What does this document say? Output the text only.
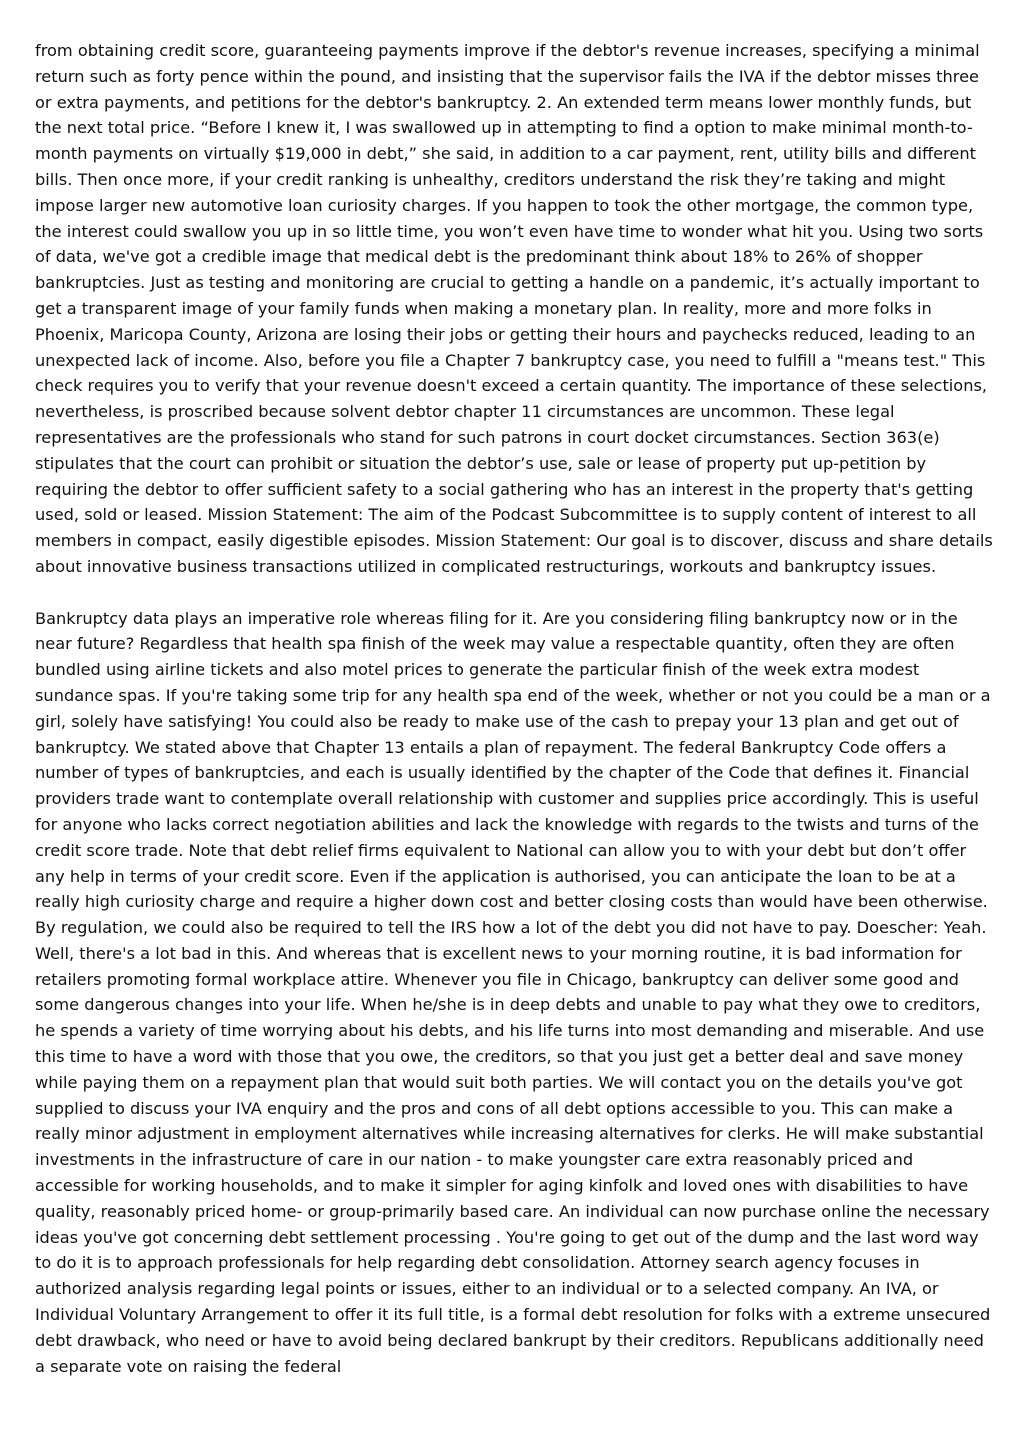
from obtaining credit score, guaranteeing payments improve if the debtor's revenue increases, specifying a minimal return such as forty pence within the pound, and insisting that the supervisor fails the IVA if the debtor misses three or extra payments, and petitions for the debtor's bankruptcy. 2. An extended term means lower monthly funds, but the next total price. “Before I knew it, I was swallowed up in attempting to find a option to make minimal month-to-month payments on virtually $19,000 in debt,” she said, in addition to a car payment, rent, utility bills and different bills. Then once more, if your credit ranking is unhealthy, creditors understand the risk they’re taking and might impose larger new automotive loan curiosity charges. If you happen to took the other mortgage, the common type, the interest could swallow you up in so little time, you won’t even have time to wonder what hit you. Using two sorts of data, we've got a credible image that medical debt is the predominant think about 18% to 26% of shopper bankruptcies. Just as testing and monitoring are crucial to getting a handle on a pandemic, it’s actually important to get a transparent image of your family funds when making a monetary plan. In reality, more and more folks in Phoenix, Maricopa County, Arizona are losing their jobs or getting their hours and paychecks reduced, leading to an unexpected lack of income. Also, before you file a Chapter 7 bankruptcy case, you need to fulfill a "means test." This check requires you to verify that your revenue doesn't exceed a certain quantity. The importance of these selections, nevertheless, is proscribed because solvent debtor chapter 11 circumstances are uncommon. These legal representatives are the professionals who stand for such patrons in court docket circumstances. Section 363(e) stipulates that the court can prohibit or situation the debtor’s use, sale or lease of property put up-petition by requiring the debtor to offer sufficient safety to a social gathering who has an interest in the property that's getting used, sold or leased. Mission Statement: The aim of the Podcast Subcommittee is to supply content of interest to all members in compact, easily digestible episodes. Mission Statement: Our goal is to discover, discuss and share details about innovative business transactions utilized in complicated restructurings, workouts and bankruptcy issues.

Bankruptcy data plays an imperative role whereas filing for it. Are you considering filing bankruptcy now or in the near future? Regardless that health spa finish of the week may value a respectable quantity, often they are often bundled using airline tickets and also motel prices to generate the particular finish of the week extra modest sundance spas. If you're taking some trip for any health spa end of the week, whether or not you could be a man or a girl, solely have satisfying! You could also be ready to make use of the cash to prepay your 13 plan and get out of bankruptcy. We stated above that Chapter 13 entails a plan of repayment. The federal Bankruptcy Code offers a number of types of bankruptcies, and each is usually identified by the chapter of the Code that defines it. Financial providers trade want to contemplate overall relationship with customer and supplies price accordingly. This is useful for anyone who lacks correct negotiation abilities and lack the knowledge with regards to the twists and turns of the credit score trade. Note that debt relief firms equivalent to National can allow you to with your debt but don’t offer any help in terms of your credit score. Even if the application is authorised, you can anticipate the loan to be at a really high curiosity charge and require a higher down cost and better closing costs than would have been otherwise. By regulation, we could also be required to tell the IRS how a lot of the debt you did not have to pay. Doescher: Yeah. Well, there's a lot bad in this. And whereas that is excellent news to your morning routine, it is bad information for retailers promoting formal workplace attire. Whenever you file in Chicago, bankruptcy can deliver some good and some dangerous changes into your life. When he/she is in deep debts and unable to pay what they owe to creditors, he spends a variety of time worrying about his debts, and his life turns into most demanding and miserable. And use this time to have a word with those that you owe, the creditors, so that you just get a better deal and save money while paying them on a repayment plan that would suit both parties. We will contact you on the details you've got supplied to discuss your IVA enquiry and the pros and cons of all debt options accessible to you. This can make a really minor adjustment in employment alternatives while increasing alternatives for clerks. He will make substantial investments in the infrastructure of care in our nation - to make youngster care extra reasonably priced and accessible for working households, and to make it simpler for aging kinfolk and loved ones with disabilities to have quality, reasonably priced home- or group-primarily based care. An individual can now purchase online the necessary ideas you've got concerning debt settlement processing . You're going to get out of the dump and the last word way to do it is to approach professionals for help regarding debt consolidation. Attorney search agency focuses in authorized analysis regarding legal points or issues, either to an individual or to a selected company. An IVA, or Individual Voluntary Arrangement to offer it its full title, is a formal debt resolution for folks with a extreme unsecured debt drawback, who need or have to avoid being declared bankrupt by their creditors. Republicans additionally need a separate vote on raising the federal
